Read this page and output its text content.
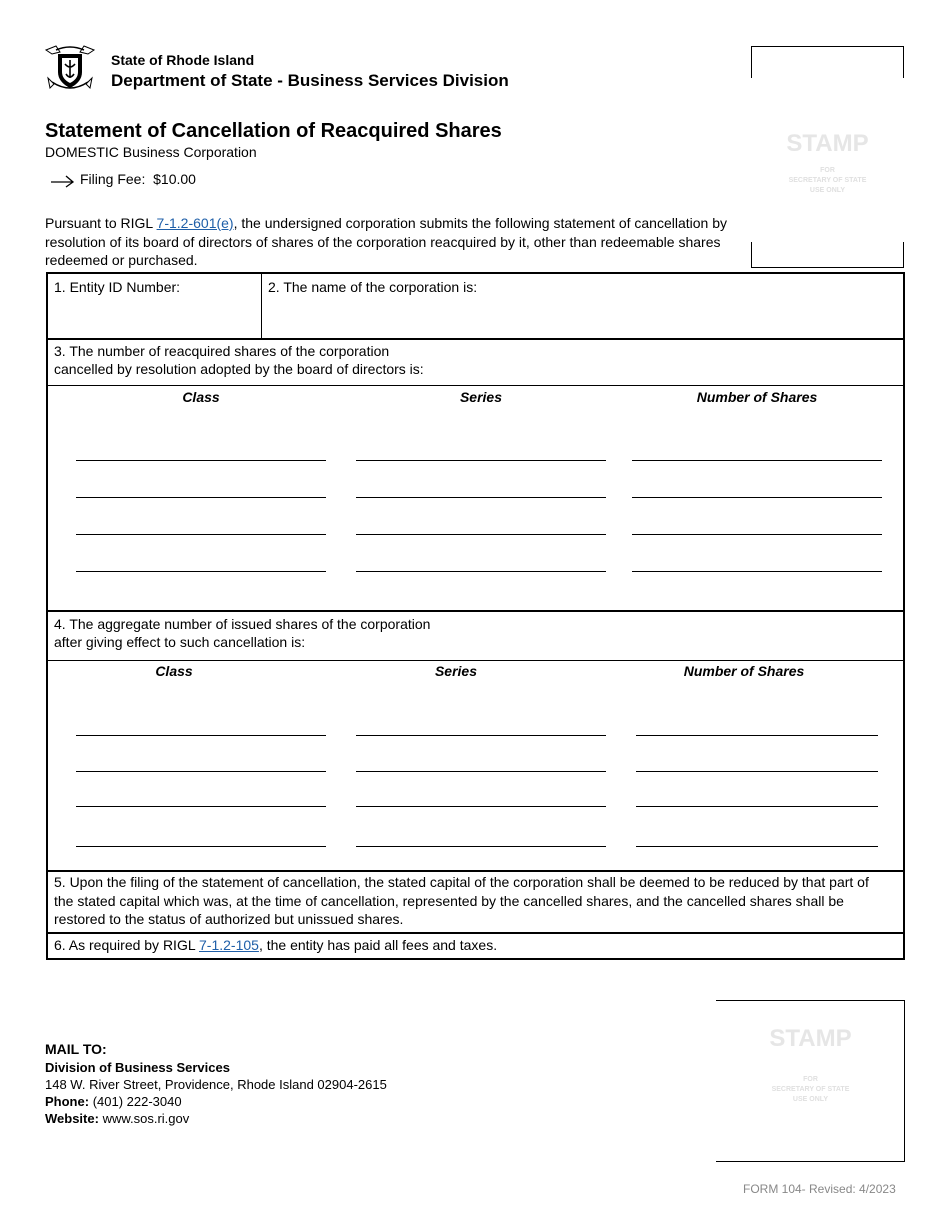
State of Rhode Island
Department of State - Business Services Division
Statement of Cancellation of Reacquired Shares
DOMESTIC Business Corporation
Filing Fee: $10.00
Pursuant to RIGL 7-1.2-601(e), the undersigned corporation submits the following statement of cancellation by resolution of its board of directors of shares of the corporation reacquired by it, other than redeemable shares redeemed or purchased.
STAMP
FOR
SECRETARY OF STATE
USE ONLY
1. Entity ID Number:	2. The name of the corporation is:
3. The number of reacquired shares of the corporation
cancelled by resolution adopted by the board of directors is:
Class	Series	Number of Shares
4. The aggregate number of issued shares of the corporation
after giving effect to such cancellation is:
Class	Series	Number of Shares
5. Upon the filing of the statement of cancellation, the stated capital of the corporation shall be deemed to be reduced by that part of the stated capital which was, at the time of cancellation, represented by the cancelled shares, and the cancelled shares shall be restored to the status of authorized but unissued shares.
6. As required by RIGL 7-1.2-105, the entity has paid all fees and taxes.
MAIL TO:
Division of Business Services
148 W. River Street, Providence, Rhode Island 02904-2615
Phone: (401) 222-3040
Website: www.sos.ri.gov
STAMP
FOR
SECRETARY OF STATE
USE ONLY
FORM 104- Revised: 4/2023
